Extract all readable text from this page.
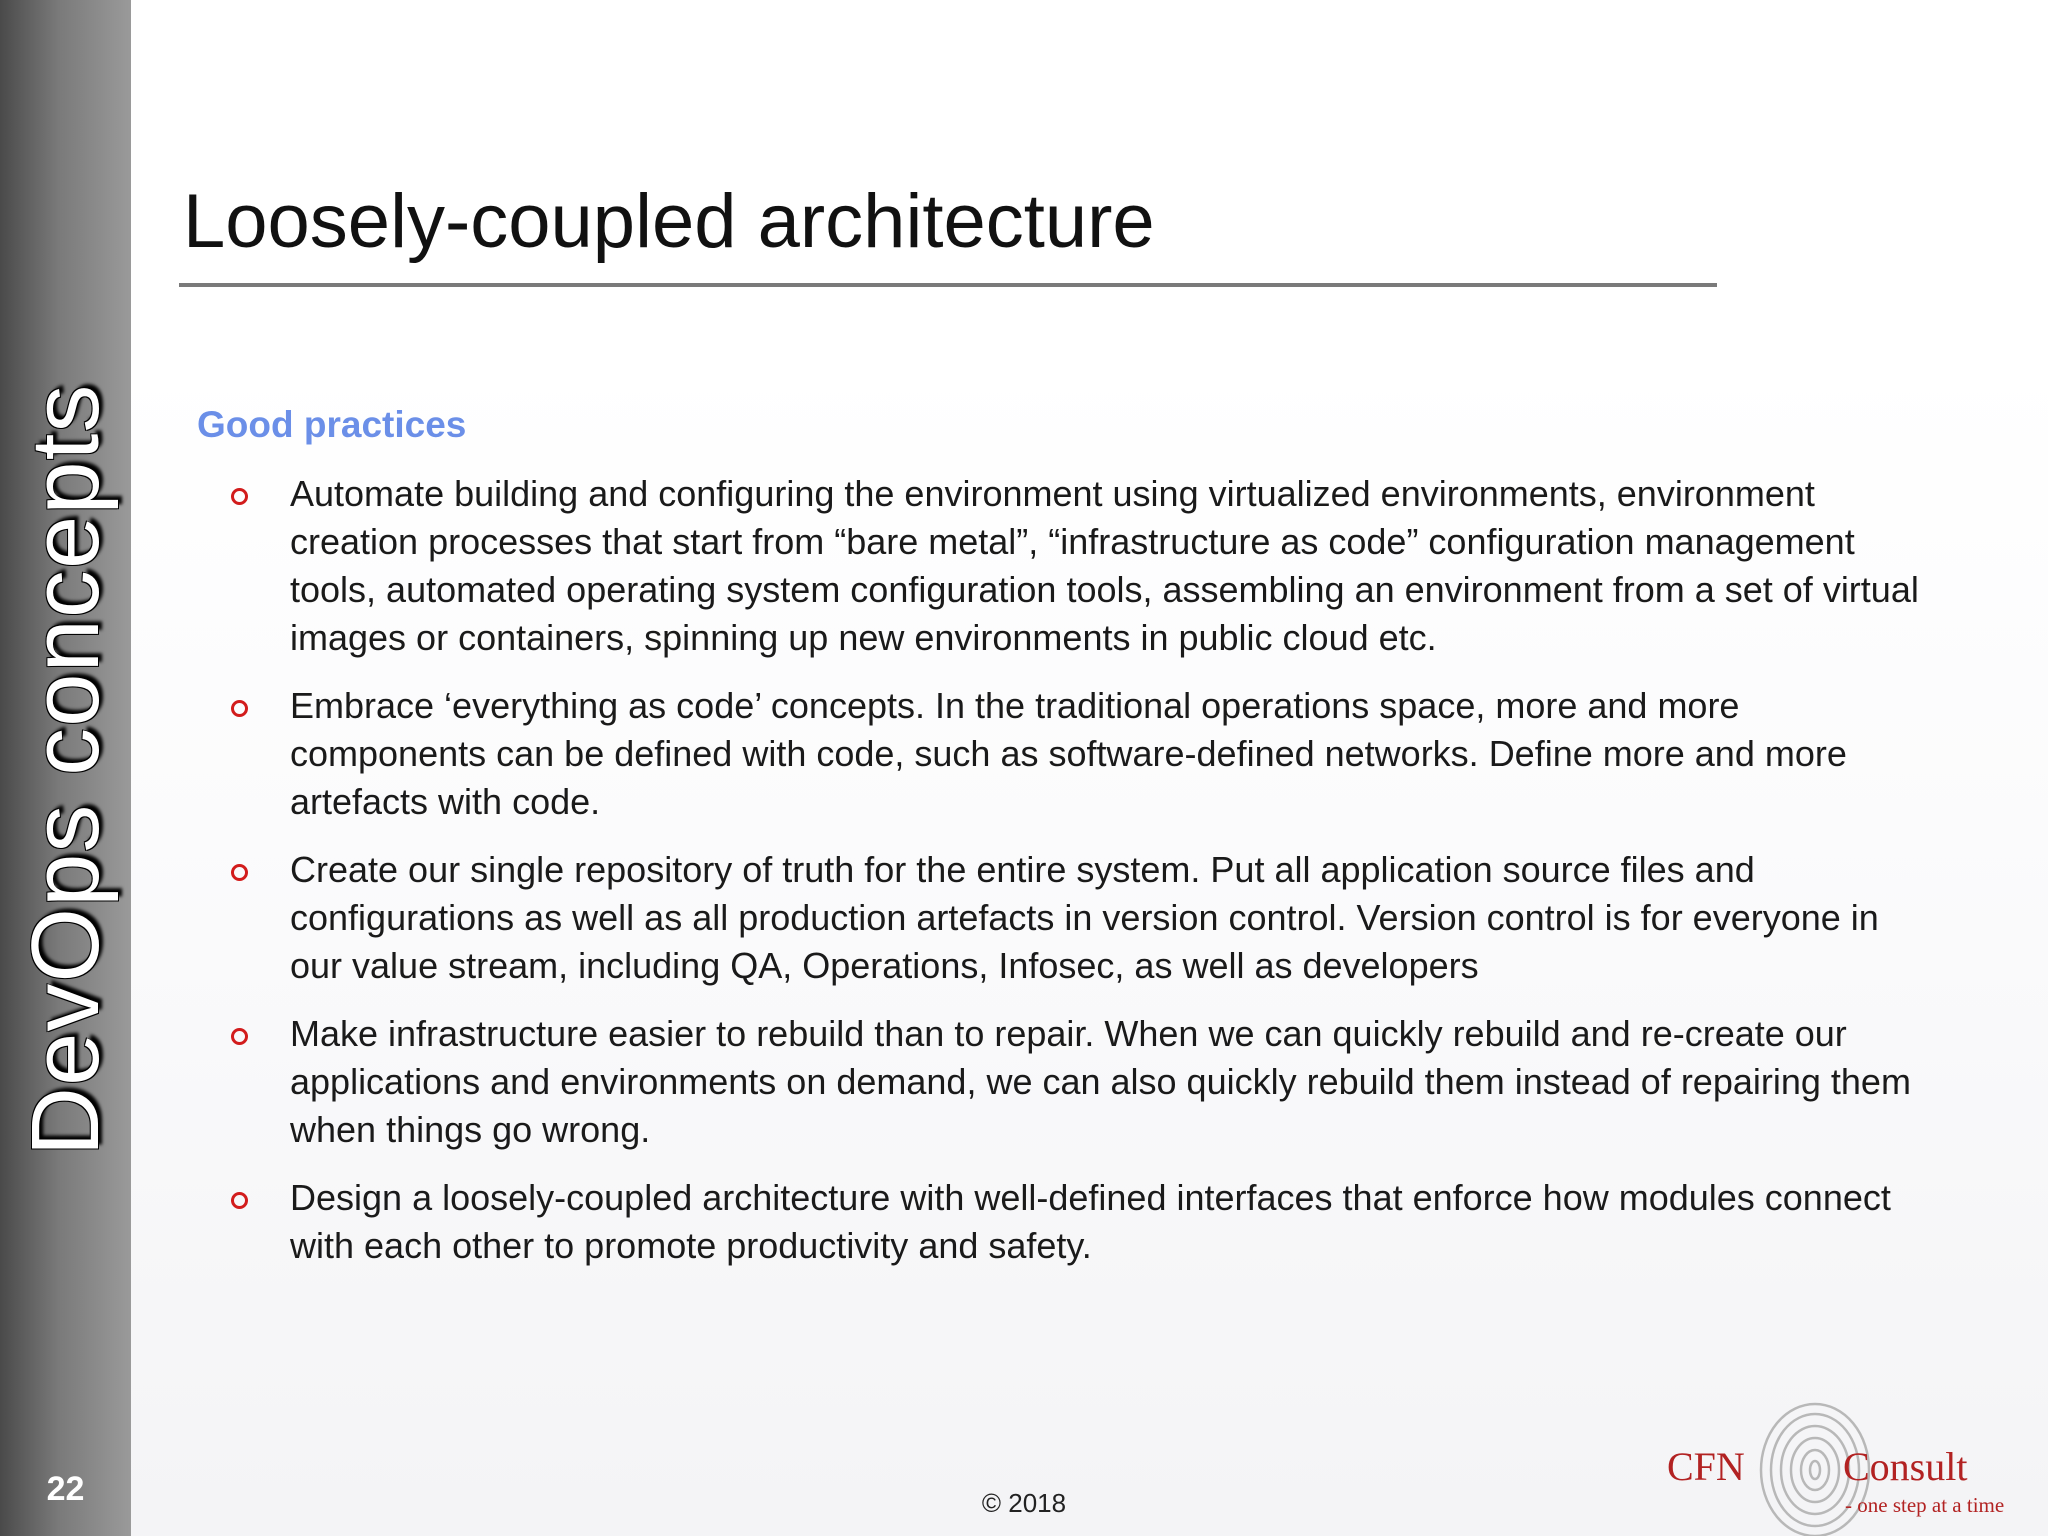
DevOps concepts
22
Loosely-coupled architecture
Good practices
Automate building and configuring the environment using virtualized environments, environment creation processes that start from “bare metal”, “infrastructure as code” configuration management tools, automated operating system configuration tools, assembling an environment from a set of virtual images or containers, spinning up new environments in public cloud etc.
Embrace ‘everything as code’ concepts. In the traditional operations space, more and more components can be defined with code, such as software-defined networks. Define more and more artefacts with code.
Create our single repository of truth for the entire system. Put all application source files and configurations as well as all production artefacts in version control. Version control is for everyone in our value stream, including QA, Operations, Infosec, as well as developers
Make infrastructure easier to rebuild than to repair. When we can quickly rebuild and re-create our applications and environments on demand, we can also quickly rebuild them instead of repairing them when things go wrong.
Design a loosely-coupled architecture with well-defined interfaces that enforce how modules connect with each other to promote productivity and safety.
© 2018
CFN Consult
- one step at a time
